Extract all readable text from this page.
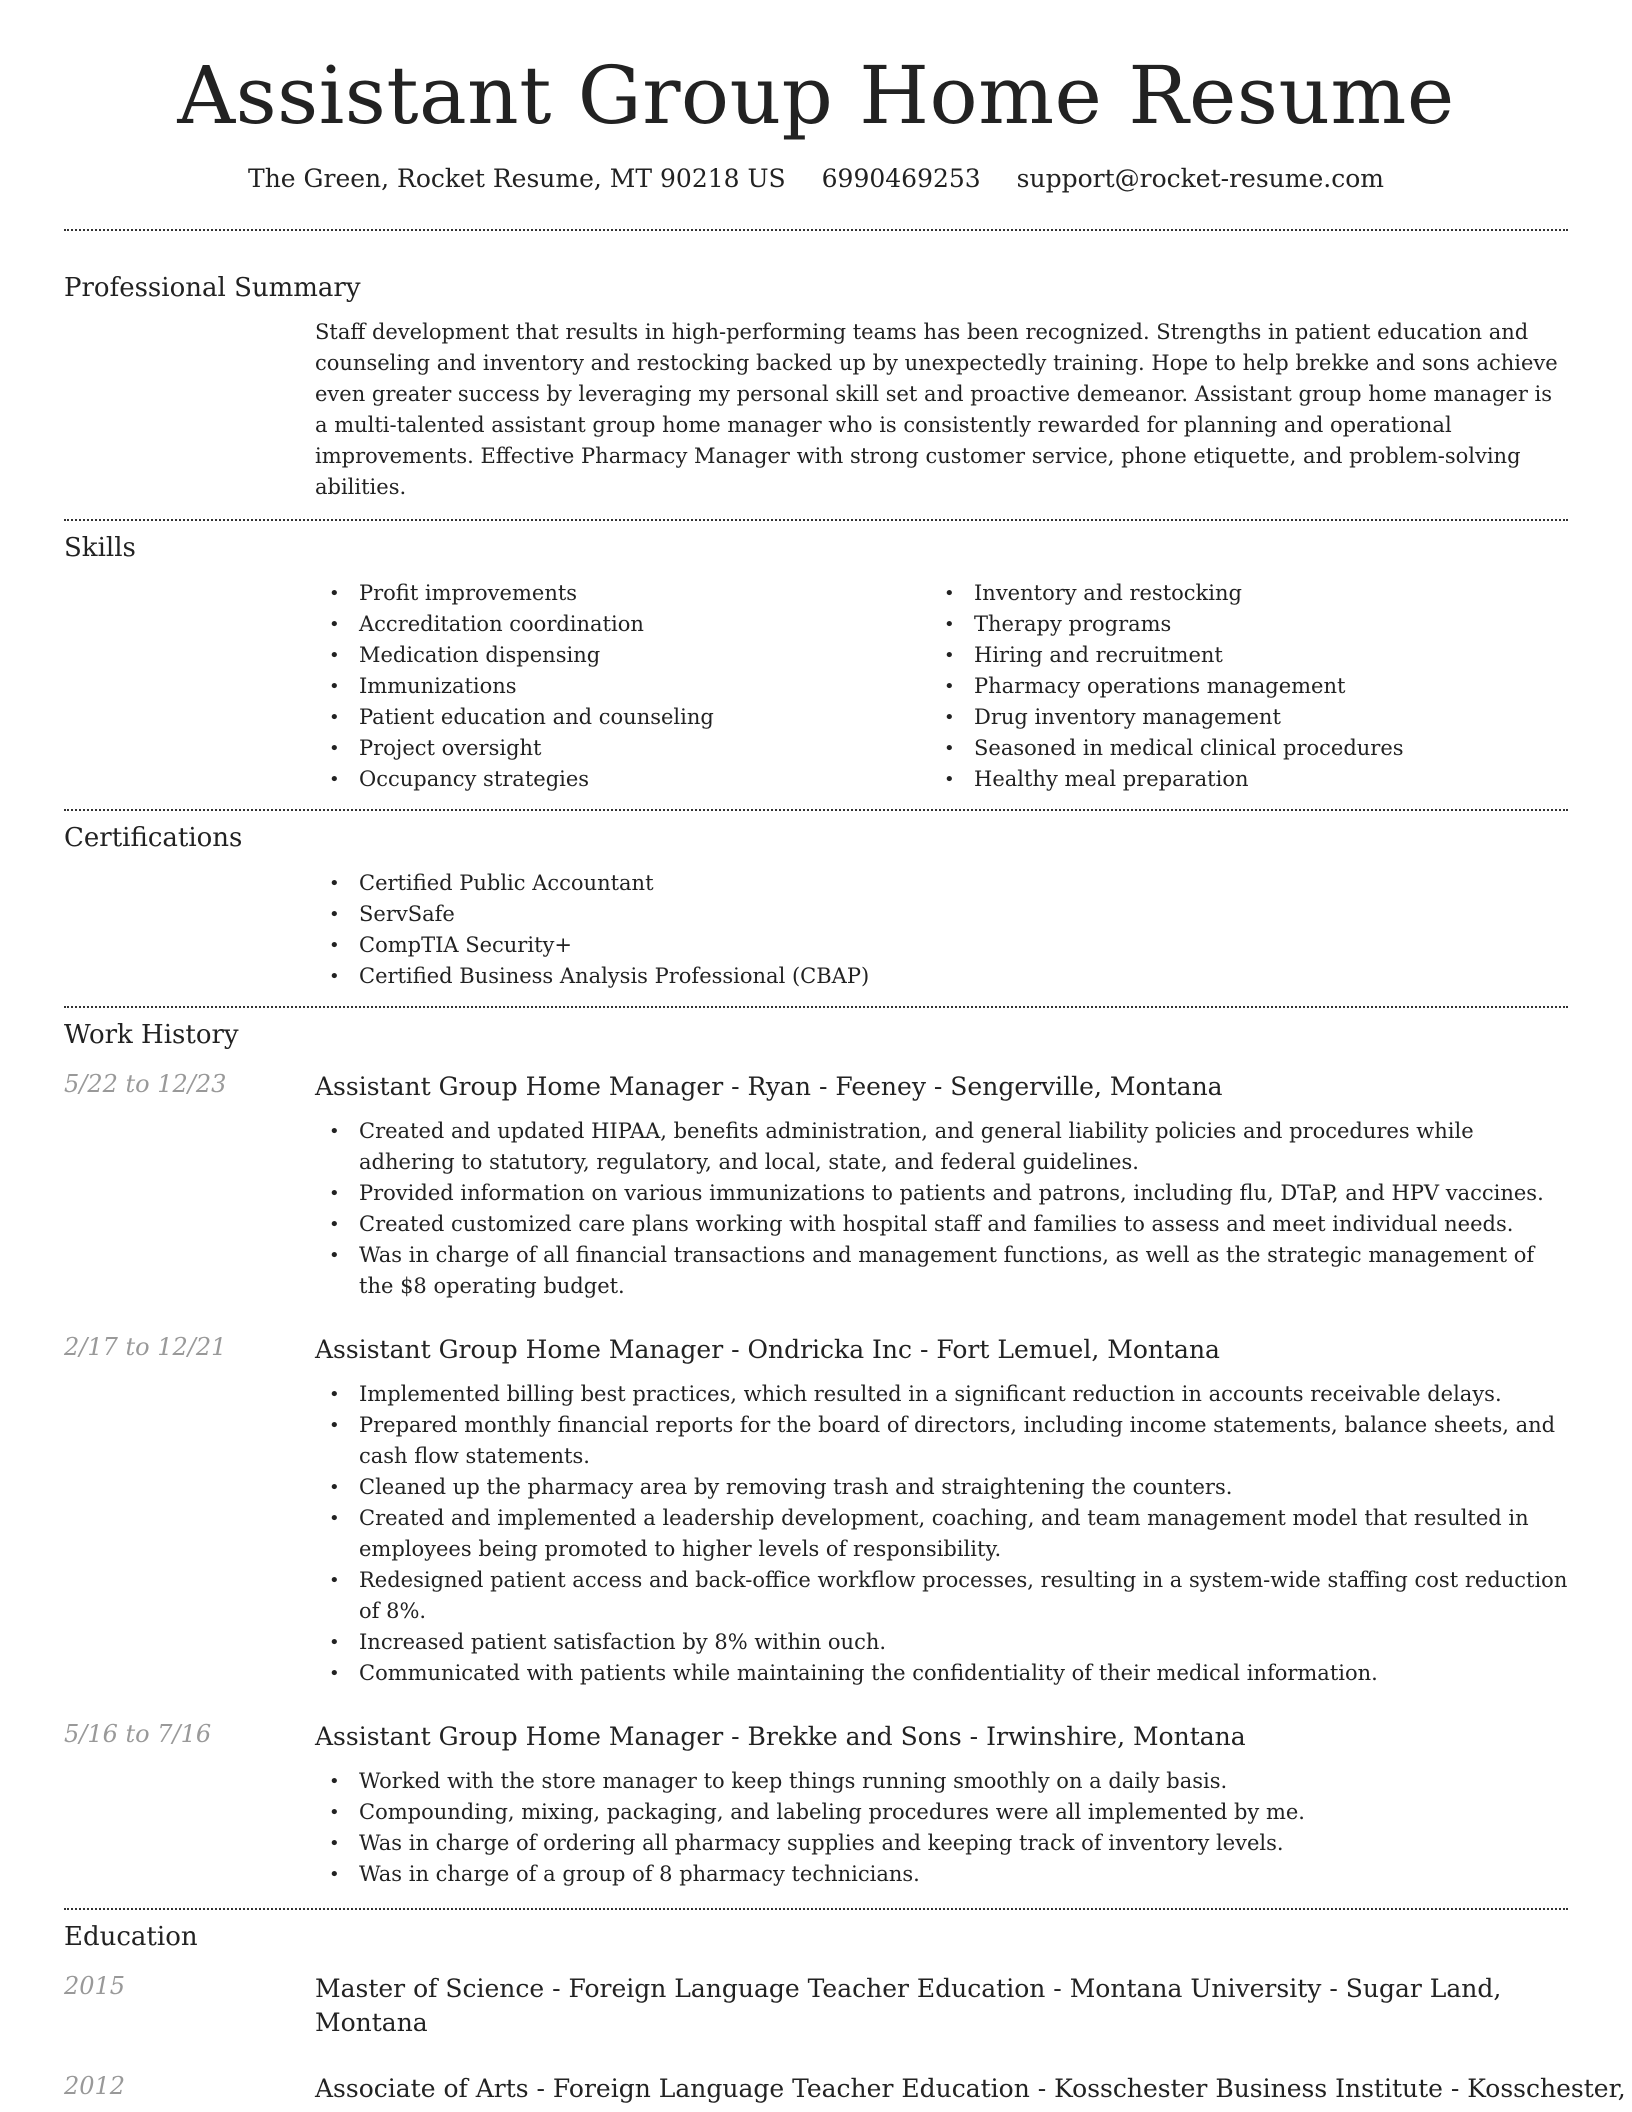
Assistant Group Home Resume
The Green, Rocket Resume, MT 90218 US 6990469253 support@rocket-resume.com
Professional Summary

Staff development that results in high-performing teams has been recognized. Strengths in patient education and counseling and inventory and restocking backed up by unexpectedly training. Hope to help brekke and sons achieve even greater success by leveraging my personal skill set and proactive demeanor. Assistant group home manager is a multi-talented assistant group home manager who is consistently rewarded for planning and operational improvements. Effective Pharmacy Manager with strong customer service, phone etiquette, and problem-solving abilities.

Skills
• Profit improvements
• Accreditation coordination
• Medication dispensing
• Immunizations
• Patient education and counseling
• Project oversight
• Occupancy strategies
• Inventory and restocking
• Therapy programs
• Hiring and recruitment
• Pharmacy operations management
• Drug inventory management
• Seasoned in medical clinical procedures
• Healthy meal preparation
Certifications
• Certified Public Accountant
• ServSafe
• CompTIA Security+
• Certified Business Analysis Professional (CBAP)
Work History
5/22 to 12/23	Assistant Group Home Manager - Ryan - Feeney - Sengerville, Montana
• Created and updated HIPAA, benefits administration, and general liability policies and procedures while adhering to statutory, regulatory, and local, state, and federal guidelines.
• Provided information on various immunizations to patients and patrons, including flu, DTaP, and HPV vaccines.
• Created customized care plans working with hospital staff and families to assess and meet individual needs.
• Was in charge of all financial transactions and management functions, as well as the strategic management of the $8 operating budget.
2/17 to 12/21	Assistant Group Home Manager - Ondricka Inc - Fort Lemuel, Montana
• Implemented billing best practices, which resulted in a significant reduction in accounts receivable delays.
• Prepared monthly financial reports for the board of directors, including income statements, balance sheets, and cash flow statements.
• Cleaned up the pharmacy area by removing trash and straightening the counters.
• Created and implemented a leadership development, coaching, and team management model that resulted in employees being promoted to higher levels of responsibility.
• Redesigned patient access and back-office workflow processes, resulting in a system-wide staffing cost reduction of 8%.
• Increased patient satisfaction by 8% within ouch.
• Communicated with patients while maintaining the confidentiality of their medical information.
5/16 to 7/16	Assistant Group Home Manager - Brekke and Sons - Irwinshire, Montana
• Worked with the store manager to keep things running smoothly on a daily basis.
• Compounding, mixing, packaging, and labeling procedures were all implemented by me.
• Was in charge of ordering all pharmacy supplies and keeping track of inventory levels.
• Was in charge of a group of 8 pharmacy technicians.
Education
2015	Master of Science - Foreign Language Teacher Education - Montana University - Sugar Land, Montana
2012	Associate of Arts - Foreign Language Teacher Education - Kosschester Business Institute - Kosschester,
